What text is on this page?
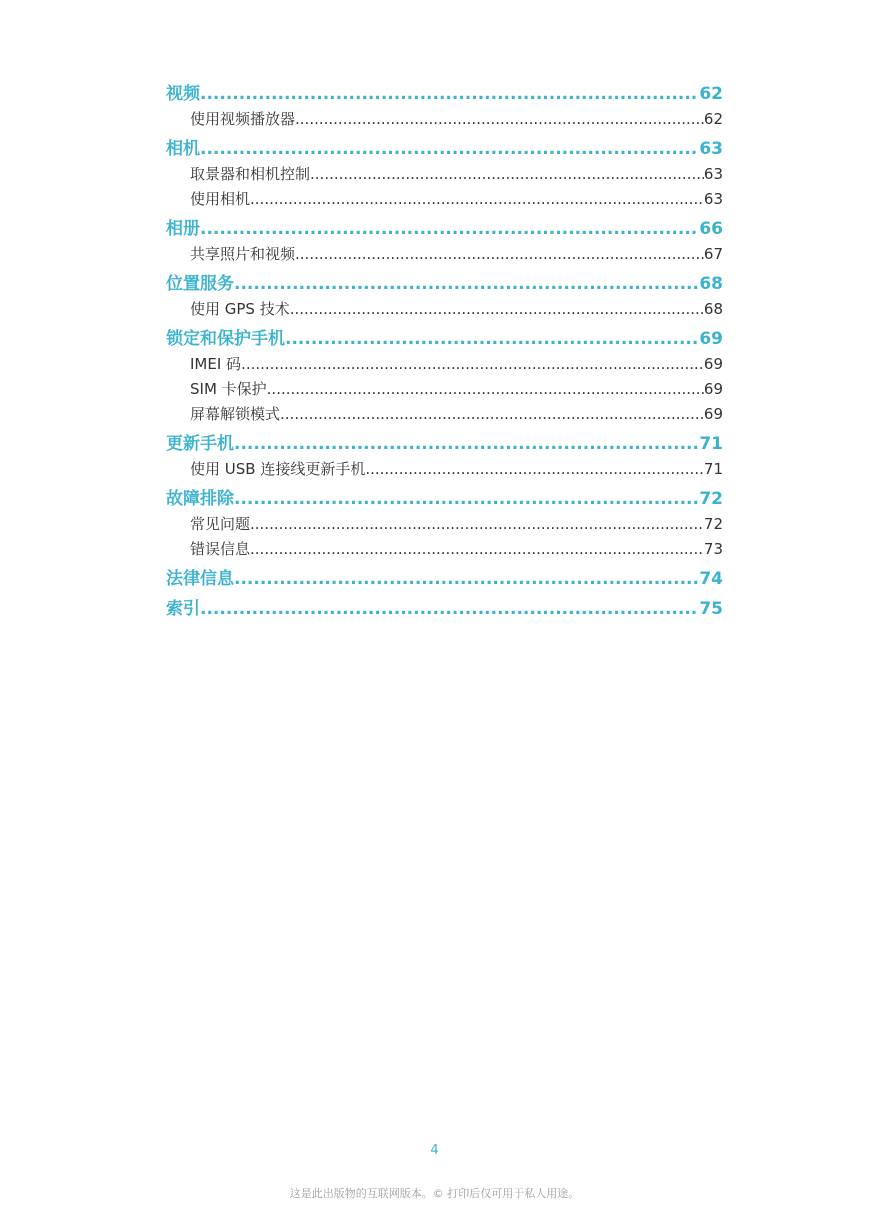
视频 .....	62
使用视频播放器 .....	62
相机 .....	63
取景器和相机控制 .....	63
使用相机 .....	63
相册 .....	66
共享照片和视频 .....	67
位置服务 .....	68
使用 GPS 技术 .....	68
锁定和保护手机 .....	69
IMEI 码 .....	69
SIM 卡保护 .....	69
屏幕解锁模式 .....	69
更新手机 .....	71
使用 USB 连接线更新手机 .....	71
故障排除 .....	72
常见问题 .....	72
错误信息 .....	73
法律信息 .....	74
索引 .....	75
4
这是此出版物的互联网版本。© 打印后仅可用于私人用途。
